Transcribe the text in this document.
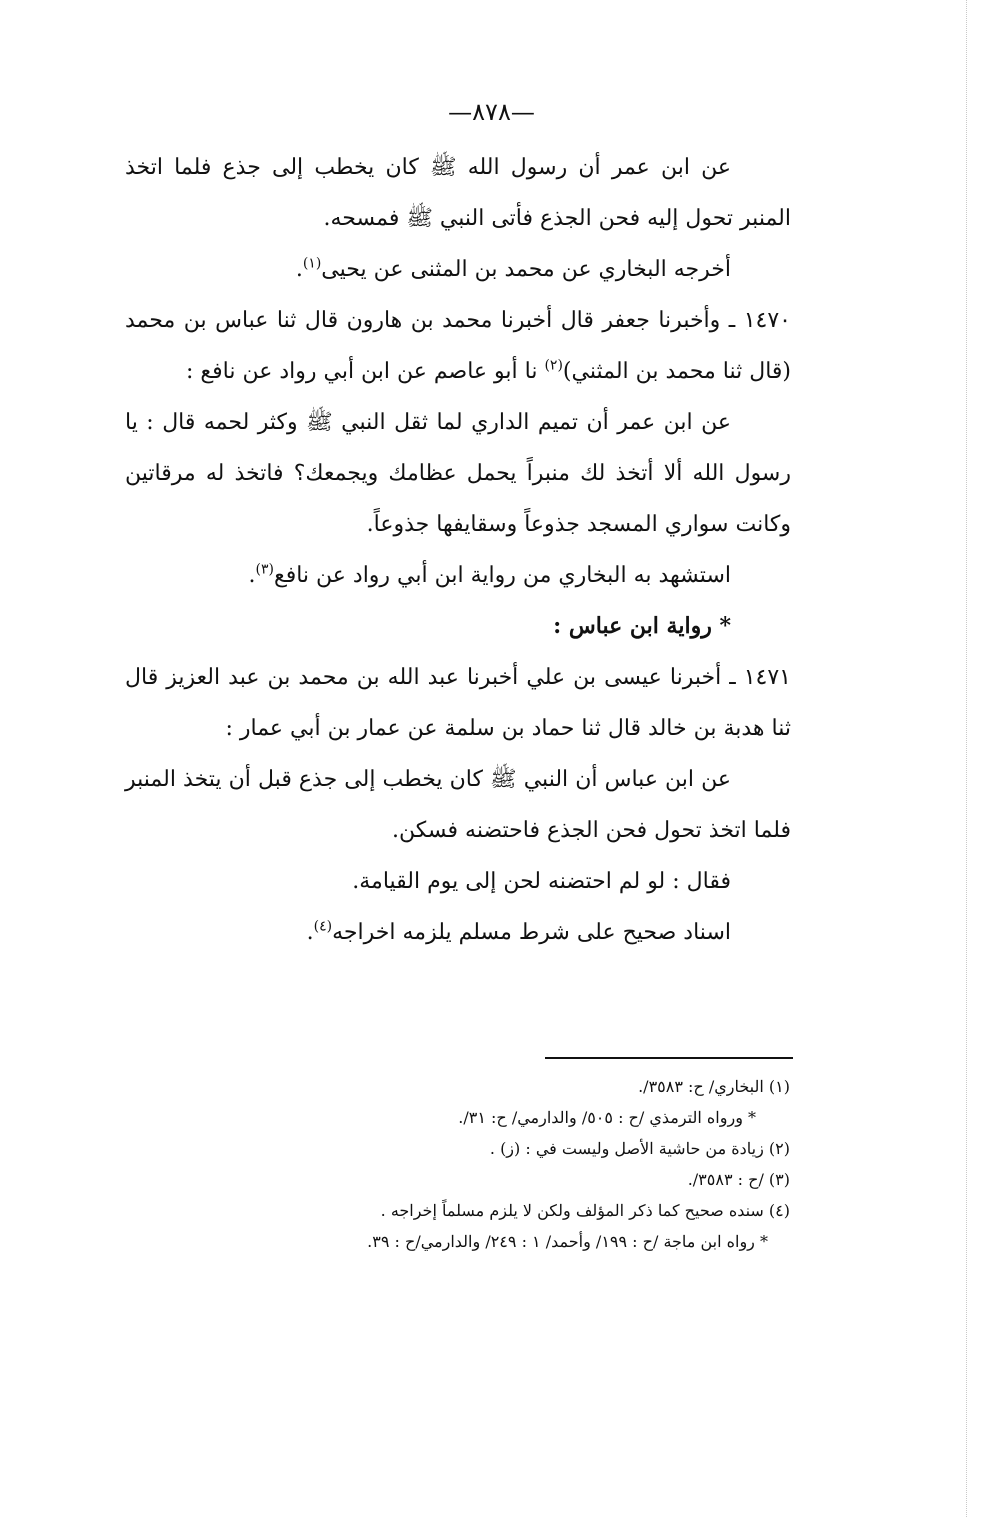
—٨٧٨—

عن ابن عمر أن رسول الله ﷺ كان يخطب إلى جذع فلما اتخذ المنبر تحول إليه فحن الجذع فأتى النبي ﷺ فمسحه.

أخرجه البخاري عن محمد بن المثنى عن يحيى$^{(١)}$.

١٤٧٠ ـ وأخبرنا جعفر قال أخبرنا محمد بن هارون قال ثنا عباس بن محمد (قال ثنا محمد بن المثني)$^{(٢)}$ نا أبو عاصم عن ابن أبي رواد عن نافع :

عن ابن عمر أن تميم الداري لما ثقل النبي ﷺ وكثر لحمه قال : يا رسول الله ألا أتخذ لك منبراً يحمل عظامك ويجمعك؟ فاتخذ له مرقاتين وكانت سواري المسجد جذوعاً وسقايفها جذوعاً.

استشهد به البخاري من رواية ابن أبي رواد عن نافع$^{(٣)}$.

* رواية ابن عباس :

١٤٧١ ـ أخبرنا عيسى بن علي أخبرنا عبد الله بن محمد بن عبد العزيز قال ثنا هدبة بن خالد قال ثنا حماد بن سلمة عن عمار بن أبي عمار :

عن ابن عباس أن النبي ﷺ كان يخطب إلى جذع قبل أن يتخذ المنبر فلما اتخذ تحول فحن الجذع فاحتضنه فسكن.

فقال : لو لم احتضنه لحن إلى يوم القيامة.

اسناد صحيح على شرط مسلم يلزمه اخراجه$^{(٤)}$.

(١) البخاري/ ح: ٣٥٨٣/.

* ورواه الترمذي /ح : ٥٠٥/ والدارمي/ ح: ٣١/.

(٢) زيادة من حاشية الأصل وليست في : (ز) .

(٣) /ح : ٣٥٨٣/.

(٤) سنده صحيح كما ذكر المؤلف ولكن لا يلزم مسلماً إخراجه .

* رواه ابن ماجة /ح : ١٩٩/ وأحمد/ ١ : ٢٤٩/ والدارمي/ح : ٣٩.
